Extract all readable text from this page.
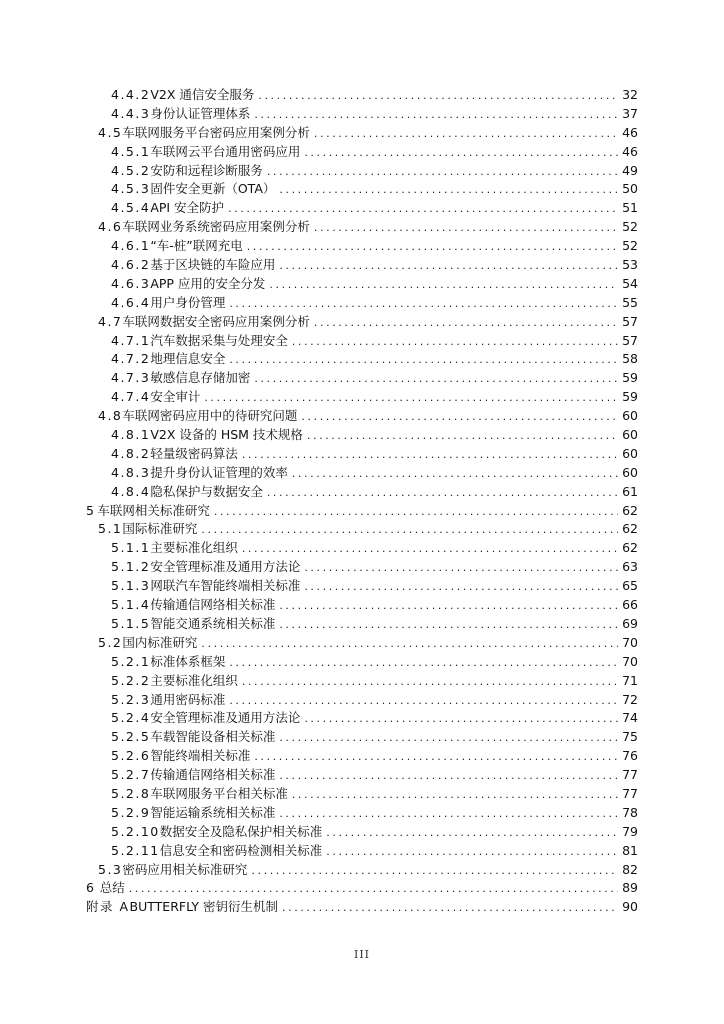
4.4.2 V2X 通信安全服务 .....	32
4.4.3 身份认证管理体系 .....	37
4.5 车联网服务平台密码应用案例分析 .....	46
4.5.1 车联网云平台通用密码应用 .....	46
4.5.2 安防和远程诊断服务 .....	49
4.5.3 固件安全更新（OTA） .....	50
4.5.4 API 安全防护 .....	51
4.6 车联网业务系统密码应用案例分析 .....	52
4.6.1 “车-桩”联网充电 .....	52
4.6.2 基于区块链的车险应用 .....	53
4.6.3 APP 应用的安全分发 .....	54
4.6.4 用户身份管理 .....	55
4.7 车联网数据安全密码应用案例分析 .....	57
4.7.1 汽车数据采集与处理安全 .....	57
4.7.2 地理信息安全 .....	58
4.7.3 敏感信息存储加密 .....	59
4.7.4 安全审计 .....	59
4.8 车联网密码应用中的待研究问题 .....	60
4.8.1 V2X 设备的 HSM 技术规格 .....	60
4.8.2 轻量级密码算法 .....	60
4.8.3 提升身份认证管理的效率 .....	60
4.8.4 隐私保护与数据安全 .....	61
5 车联网相关标准研究 .....	62
5.1 国际标准研究 .....	62
5.1.1 主要标准化组织 .....	62
5.1.2 安全管理标准及通用方法论 .....	63
5.1.3 网联汽车智能终端相关标准 .....	65
5.1.4 传输通信网络相关标准 .....	66
5.1.5 智能交通系统相关标准 .....	69
5.2 国内标准研究 .....	70
5.2.1 标准体系框架 .....	70
5.2.2 主要标准化组织 .....	71
5.2.3 通用密码标准 .....	72
5.2.4 安全管理标准及通用方法论 .....	74
5.2.5 车载智能设备相关标准 .....	75
5.2.6 智能终端相关标准 .....	76
5.2.7 传输通信网络相关标准 .....	77
5.2.8 车联网服务平台相关标准 .....	77
5.2.9 智能运输系统相关标准 .....	78
5.2.10 数据安全及隐私保护相关标准 .....	79
5.2.11 信息安全和密码检测相关标准 .....	81
5.3 密码应用相关标准研究 .....	82
6 总结 .....	89
附录 A BUTTERFLY 密钥衍生机制 .....	90
III
